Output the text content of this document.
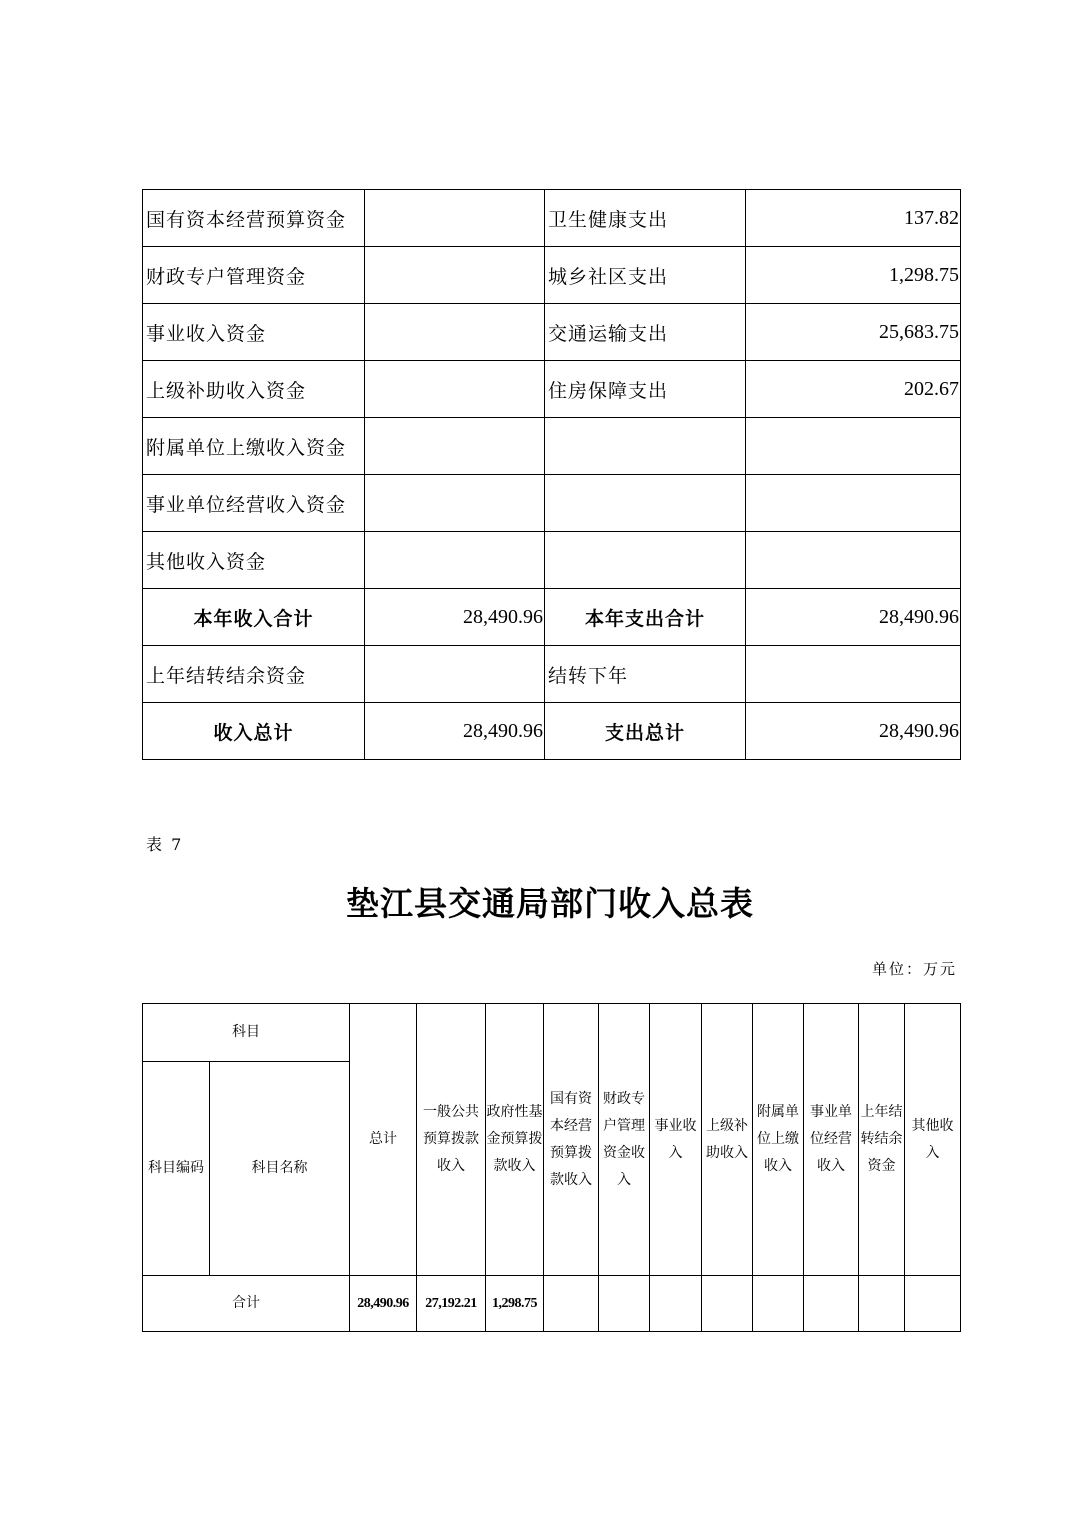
国有资本经营预算资金		卫生健康支出	137.82
财政专户管理资金		城乡社区支出	1,298.75
事业收入资金		交通运输支出	25,683.75
上级补助收入资金		住房保障支出	202.67
附属单位上缴收入资金			
事业单位经营收入资金			
其他收入资金			
本年收入合计	28,490.96	本年支出合计	28,490.96
上年结转结余资金		结转下年	
收入总计	28,490.96	支出总计	28,490.96
表 7
垫江县交通局部门收入总表
单位：万元
科目		总计	一般公共预算拨款收入	政府性基金预算拨款收入	国有资本经营预算拨款收入	财政专户管理资金收入	事业收入	上级补助收入	附属单位上缴收入	事业单位经营收入	上年结转结余资金	其他收入
科目编码	科目名称											
合计		28,490.96	27,192.21	1,298.75								
